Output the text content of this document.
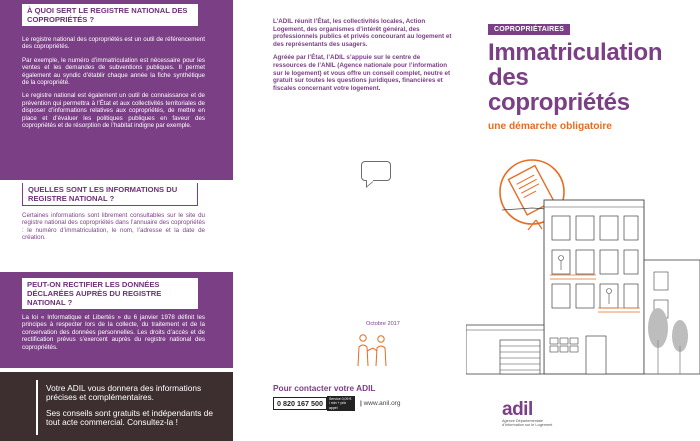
À QUOI SERT LE REGISTRE NATIONAL DES COPROPRIÉTÉS ?

Le registre national des copropriétés est un outil de référencement des copropriétés.

Par exemple, le numéro d’immatriculation est nécessaire pour les ventes et les demandes de subventions publiques. Il permet également au syndic d’établir chaque année la fiche synthétique de la copropriété.

Le registre national est également un outil de connaissance et de prévention qui permettra à l’État et aux collectivités territoriales de disposer d’informations relatives aux copropriétés, de mettre en place et d’évaluer les politiques publiques en faveur des copropriétés et de résorption de l’habitat indigne par exemple.

QUELLES SONT LES INFORMATIONS DU REGISTRE NATIONAL ?

Certaines informations sont librement consultables sur le site du registre national des copropriétés dans l’annuaire des copropriétés : le numéro d’immatriculation, le nom, l’adresse et la date de création.

PEUT-ON RECTIFIER LES DONNÉES DÉCLARÉES AUPRÈS DU REGISTRE NATIONAL ?

La loi « Informatique et Libertés » du 6 janvier 1978 définit les principes à respecter lors de la collecte, du traitement et de la conservation des données personnelles. Les droits d’accès et de rectification prévus s’exercent auprès du registre national des copropriétés.

Votre ADIL vous donnera des informations précises et complémentaires.
Ses conseils sont gratuits et indépendants de tout acte commercial. Consultez-la !

L’ADIL réunit l’État, les collectivités locales, Action Logement, des organismes d’intérêt général, des professionnels publics et privés concourant au logement et des représentants des usagers.

Agréée par l’État, l’ADIL s’appuie sur le centre de ressources de l’ANIL (Agence nationale pour l’information sur le logement) et vous offre un conseil complet, neutre et gratuit sur toutes les questions juridiques, financières et fiscales concernant votre logement.

Octobre 2017
Pour contacter votre ADIL
0 820 167 500
Service 0,09 € / min + prix appel
| www.anil.org
COPROPRIÉTAIRES
Immatriculation
des
copropriétés
une démarche obligatoire
adil
Agence Départementale d’Information sur le Logement
